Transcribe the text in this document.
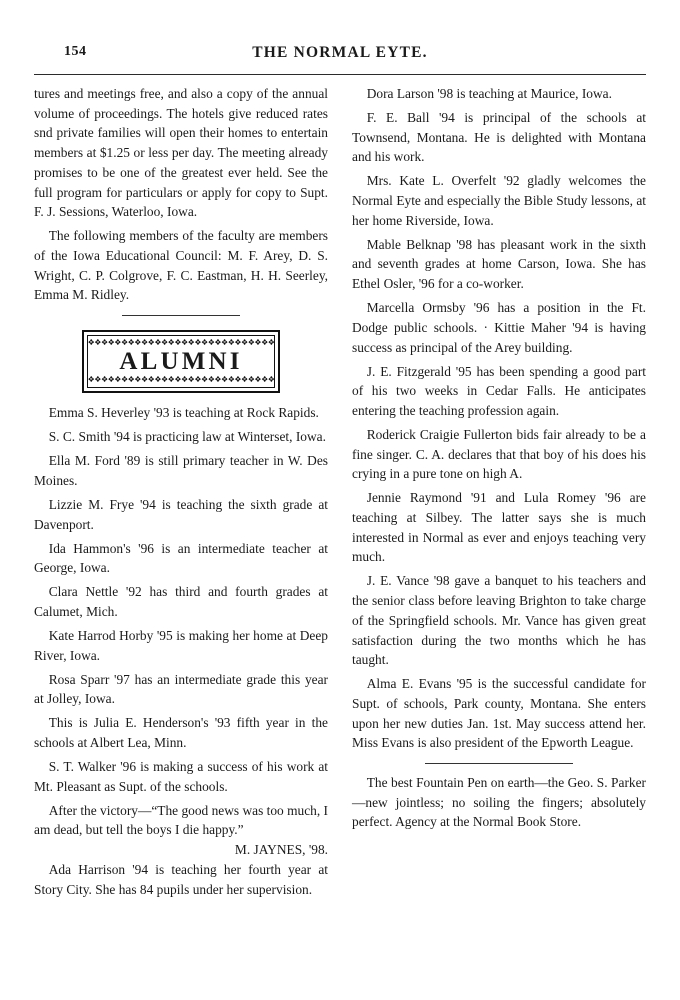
154	THE NORMAL EYTE.

tures and meetings free, and also a copy of the annual volume of proceedings. The hotels give reduced rates snd private families will open their homes to entertain members at $1.25 or less per day. The meeting already promises to be one of the greatest ever held. See the full program for particulars or apply for copy to Supt. F. J. Sessions, Waterloo, Iowa.

The following members of the faculty are members of the Iowa Educational Council: M. F. Arey, D. S. Wright, C. P. Colgrove, F. C. Eastman, H. H. Seerley, Emma M. Ridley.

❖❖❖❖❖❖❖❖❖❖❖❖❖❖❖❖❖❖❖❖❖❖❖❖❖❖❖❖
ALUMNI
❖❖❖❖❖❖❖❖❖❖❖❖❖❖❖❖❖❖❖❖❖❖❖❖❖❖❖❖

Emma S. Heverley '93 is teaching at Rock Rapids.

S. C. Smith '94 is practicing law at Winterset, Iowa.

Ella M. Ford '89 is still primary teacher in W. Des Moines.

Lizzie M. Frye '94 is teaching the sixth grade at Davenport.

Ida Hammon's '96 is an intermediate teacher at George, Iowa.

Clara Nettle '92 has third and fourth grades at Calumet, Mich.

Kate Harrod Horby '95 is making her home at Deep River, Iowa.

Rosa Sparr '97 has an intermediate grade this year at Jolley, Iowa.

This is Julia E. Henderson's '93 fifth year in the schools at Albert Lea, Minn.

S. T. Walker '96 is making a success of his work at Mt. Pleasant as Supt. of the schools.

After the victory—“The good news was too much, I am dead, but tell the boys I die happy.”
M. JAYNES, '98.

Ada Harrison '94 is teaching her fourth year at Story City. She has 84 pupils under her supervision.

Dora Larson '98 is teaching at Maurice, Iowa.

F. E. Ball '94 is principal of the schools at Townsend, Montana. He is delighted with Montana and his work.

Mrs. Kate L. Overfelt '92 gladly welcomes the Normal Eyte and especially the Bible Study lessons, at her home Riverside, Iowa.

Mable Belknap '98 has pleasant work in the sixth and seventh grades at home Carson, Iowa. She has Ethel Osler, '96 for a co-worker.

Marcella Ormsby '96 has a position in the Ft. Dodge public schools. · Kittie Maher '94 is having success as principal of the Arey building.

J. E. Fitzgerald '95 has been spending a good part of his two weeks in Cedar Falls. He anticipates entering the teaching profession again.

Roderick Craigie Fullerton bids fair already to be a fine singer. C. A. declares that that boy of his does his crying in a pure tone on high A.

Jennie Raymond '91 and Lula Romey '96 are teaching at Silbey. The latter says she is much interested in Normal as ever and enjoys teaching very much.

J. E. Vance '98 gave a banquet to his teachers and the senior class before leaving Brighton to take charge of the Springfield schools. Mr. Vance has given great satisfaction during the two months which he has taught.

Alma E. Evans '95 is the successful candidate for Supt. of schools, Park county, Montana. She enters upon her new duties Jan. 1st. May success attend her. Miss Evans is also president of the Epworth League.

The best Fountain Pen on earth—the Geo. S. Parker—new jointless; no soiling the fingers; absolutely perfect. Agency at the Normal Book Store.
